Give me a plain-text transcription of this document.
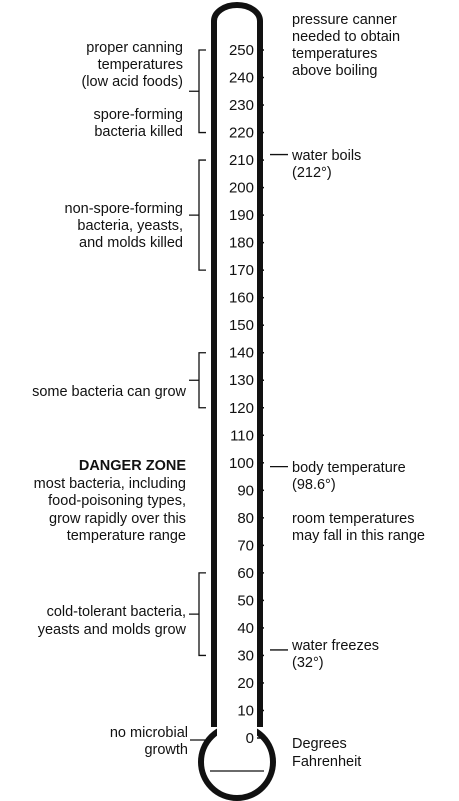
0
10
20
30
40
50
60
70
80
90
100
110
120
130
140
150
160
170
180
190
200
210
220
230
240
250
proper canning
temperatures
(low acid foods)
spore-forming
bacteria killed
non-spore-forming
bacteria, yeasts,
and molds killed
some bacteria can grow
DANGER ZONE
most bacteria, including
food-poisoning types,
grow rapidly over this
temperature range
cold-tolerant bacteria,
yeasts and molds grow
no microbial
growth
pressure canner
needed to obtain
temperatures
above boiling
water boils
(212°)
body temperature
(98.6°)
room temperatures
may fall in this range
water freezes
(32°)
Degrees
Fahrenheit
